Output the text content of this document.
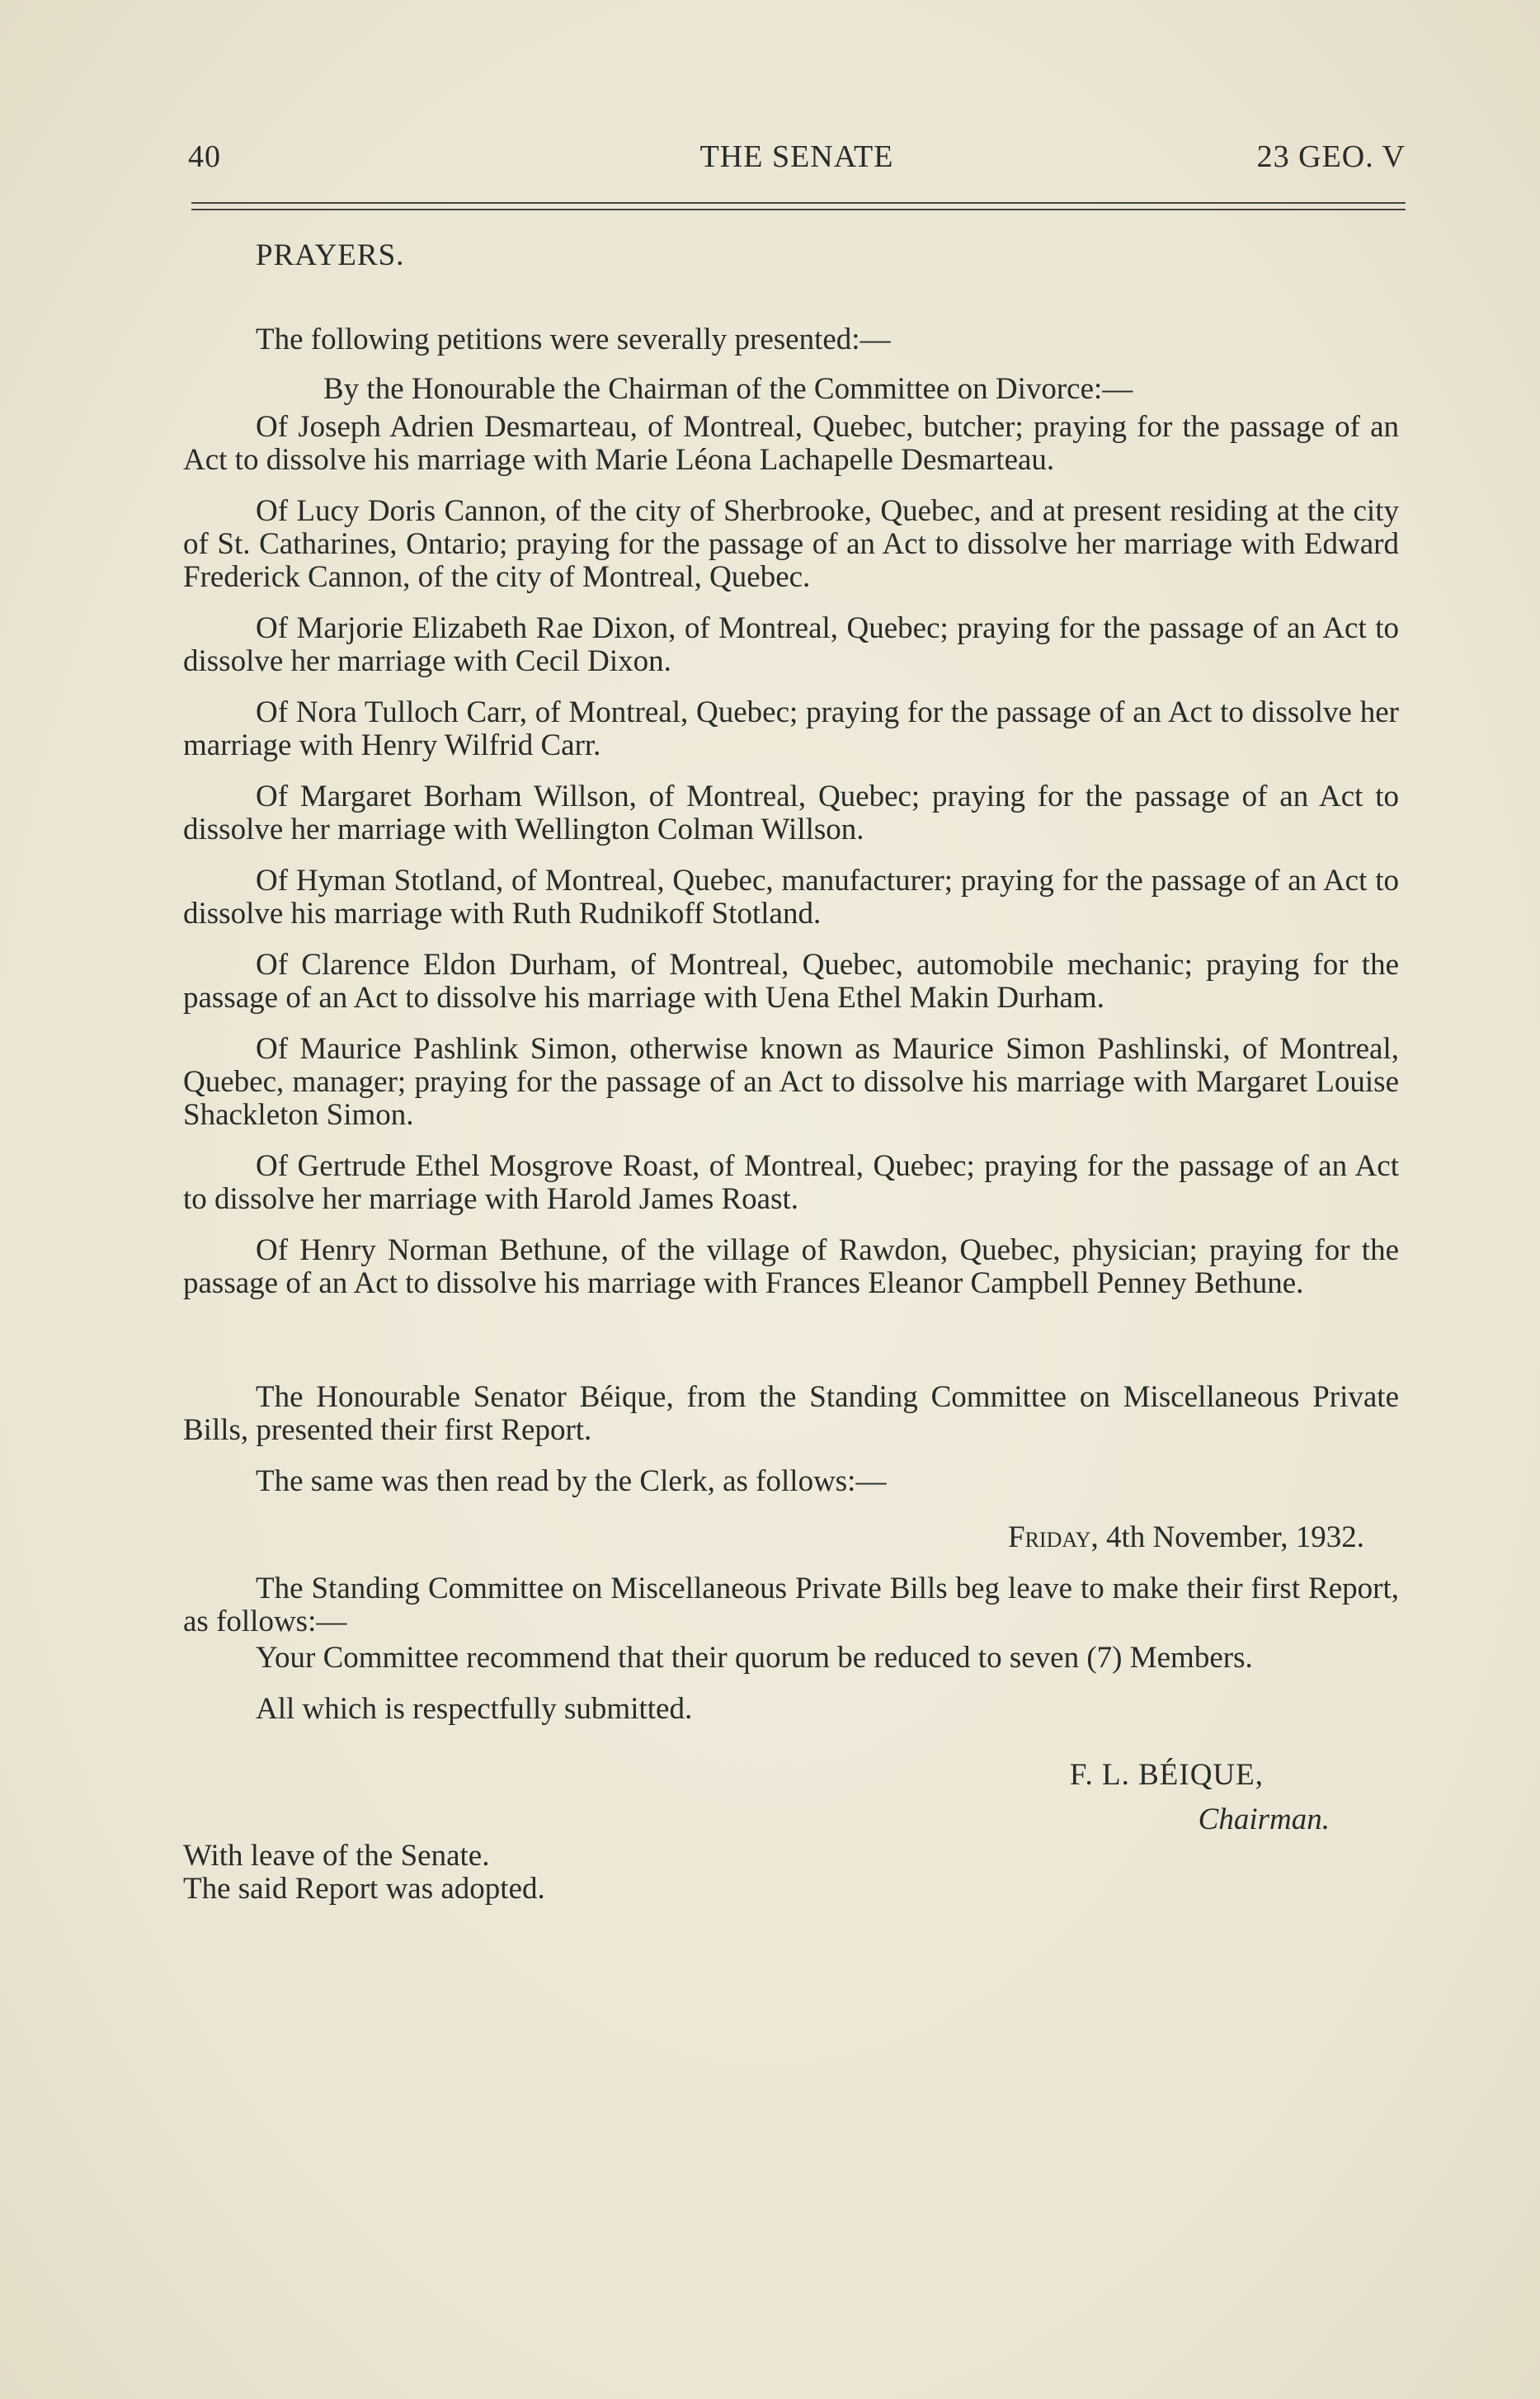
40	THE SENATE	23 GEO. V

PRAYERS.

The following petitions were severally presented:—

By the Honourable the Chairman of the Committee on Divorce:—

Of Joseph Adrien Desmarteau, of Montreal, Quebec, butcher; praying for the passage of an Act to dissolve his marriage with Marie Léona Lachapelle Desmarteau.

Of Lucy Doris Cannon, of the city of Sherbrooke, Quebec, and at present residing at the city of St. Catharines, Ontario; praying for the passage of an Act to dissolve her marriage with Edward Frederick Cannon, of the city of Montreal, Quebec.

Of Marjorie Elizabeth Rae Dixon, of Montreal, Quebec; praying for the passage of an Act to dissolve her marriage with Cecil Dixon.

Of Nora Tulloch Carr, of Montreal, Quebec; praying for the passage of an Act to dissolve her marriage with Henry Wilfrid Carr.

Of Margaret Borham Willson, of Montreal, Quebec; praying for the passage of an Act to dissolve her marriage with Wellington Colman Willson.

Of Hyman Stotland, of Montreal, Quebec, manufacturer; praying for the passage of an Act to dissolve his marriage with Ruth Rudnikoff Stotland.

Of Clarence Eldon Durham, of Montreal, Quebec, automobile mechanic; praying for the passage of an Act to dissolve his marriage with Uena Ethel Makin Durham.

Of Maurice Pashlink Simon, otherwise known as Maurice Simon Pashlinski, of Montreal, Quebec, manager; praying for the passage of an Act to dissolve his marriage with Margaret Louise Shackleton Simon.

Of Gertrude Ethel Mosgrove Roast, of Montreal, Quebec; praying for the passage of an Act to dissolve her marriage with Harold James Roast.

Of Henry Norman Bethune, of the village of Rawdon, Quebec, physician; praying for the passage of an Act to dissolve his marriage with Frances Eleanor Campbell Penney Bethune.

The Honourable Senator Béique, from the Standing Committee on Miscellaneous Private Bills, presented their first Report.

The same was then read by the Clerk, as follows:—

Friday, 4th November, 1932.

The Standing Committee on Miscellaneous Private Bills beg leave to make their first Report, as follows:—

Your Committee recommend that their quorum be reduced to seven (7) Members.

All which is respectfully submitted.

F. L. BÉIQUE,

Chairman.

With leave of the Senate.

The said Report was adopted.
